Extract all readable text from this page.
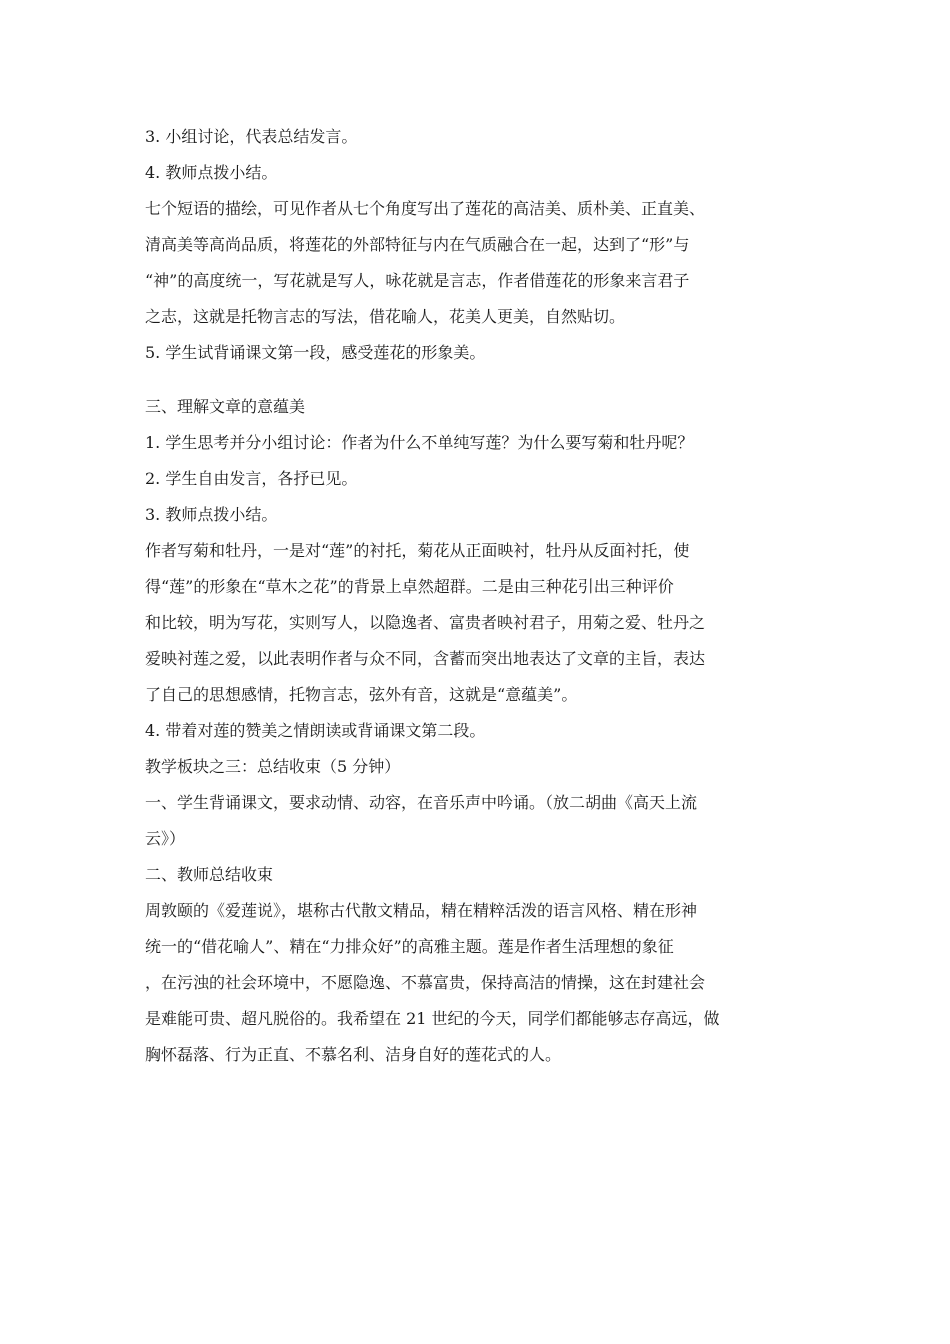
3. 小组讨论，代表总结发言。
4. 教师点拨小结。
七个短语的描绘，可见作者从七个角度写出了莲花的高洁美、质朴美、正直美、
清高美等高尚品质，将莲花的外部特征与内在气质融合在一起，达到了“形”与
“神”的高度统一，写花就是写人，咏花就是言志，作者借莲花的形象来言君子
之志，这就是托物言志的写法，借花喻人，花美人更美，自然贴切。
5. 学生试背诵课文第一段，感受莲花的形象美。
三、理解文章的意蕴美
1. 学生思考并分小组讨论：作者为什么不单纯写莲？为什么要写菊和牡丹呢？
2. 学生自由发言，各抒已见。
3. 教师点拨小结。
作者写菊和牡丹，一是对“莲”的衬托，菊花从正面映衬，牡丹从反面衬托，使
得“莲”的形象在“草木之花”的背景上卓然超群。二是由三种花引出三种评价
和比较，明为写花，实则写人，以隐逸者、富贵者映衬君子，用菊之爱、牡丹之
爱映衬莲之爱，以此表明作者与众不同，含蓄而突出地表达了文章的主旨，表达
了自己的思想感情，托物言志，弦外有音，这就是“意蕴美”。
4. 带着对莲的赞美之情朗读或背诵课文第二段。
教学板块之三：总结收束（5 分钟）
一、学生背诵课文，要求动情、动容，在音乐声中吟诵。（放二胡曲《高天上流
云》）
二、教师总结收束
周敦颐的《爱莲说》，堪称古代散文精品，精在精粹活泼的语言风格、精在形神
统一的“借花喻人”、精在“力排众好”的高雅主题。莲是作者生活理想的象征
，在污浊的社会环境中，不愿隐逸、不慕富贵，保持高洁的情操，这在封建社会
是难能可贵、超凡脱俗的。我希望在 21 世纪的今天，同学们都能够志存高远，做
胸怀磊落、行为正直、不慕名利、洁身自好的莲花式的人。
